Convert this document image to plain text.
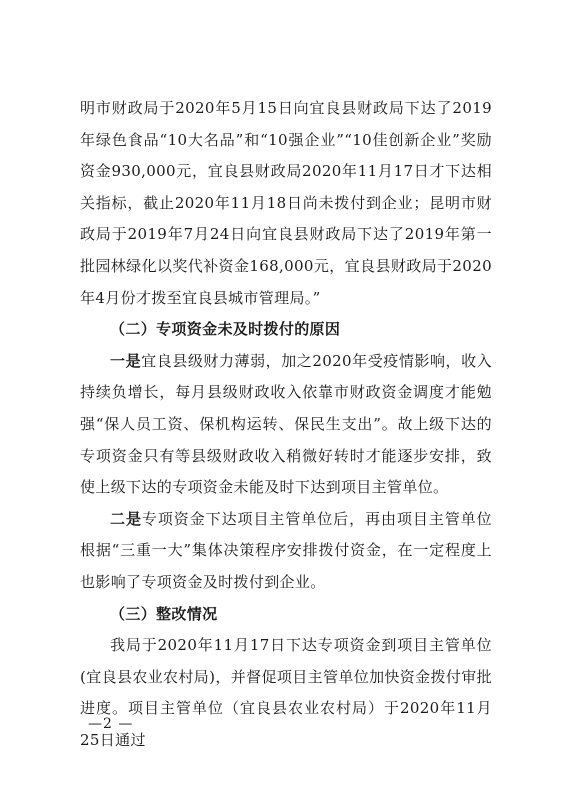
明市财政局于2020年5月15日向宜良县财政局下达了2019年绿色食品“10大名品”和“10强企业”“10佳创新企业”奖励资金930,000元，宜良县财政局2020年11月17日才下达相关指标，截止2020年11月18日尚未拨付到企业；昆明市财政局于2019年7月24日向宜良县财政局下达了2019年第一批园林绿化以奖代补资金168,000元，宜良县财政局于2020年4月份才拨至宜良县城市管理局。”

（二）专项资金未及时拨付的原因

一是宜良县级财力薄弱，加之2020年受疫情影响，收入持续负增长，每月县级财政收入依靠市财政资金调度才能勉强“保人员工资、保机构运转、保民生支出”。故上级下达的专项资金只有等县级财政收入稍微好转时才能逐步安排，致使上级下达的专项资金未能及时下达到项目主管单位。

二是专项资金下达项目主管单位后，再由项目主管单位根据“三重一大”集体决策程序安排拨付资金，在一定程度上也影响了专项资金及时拨付到企业。

（三）整改情况

我局于2020年11月17日下达专项资金到项目主管单位(宜良县农业农村局)，并督促项目主管单位加快资金拨付审批进度。项目主管单位（宜良县农业农村局）于2020年11月25日通过

—2 —
